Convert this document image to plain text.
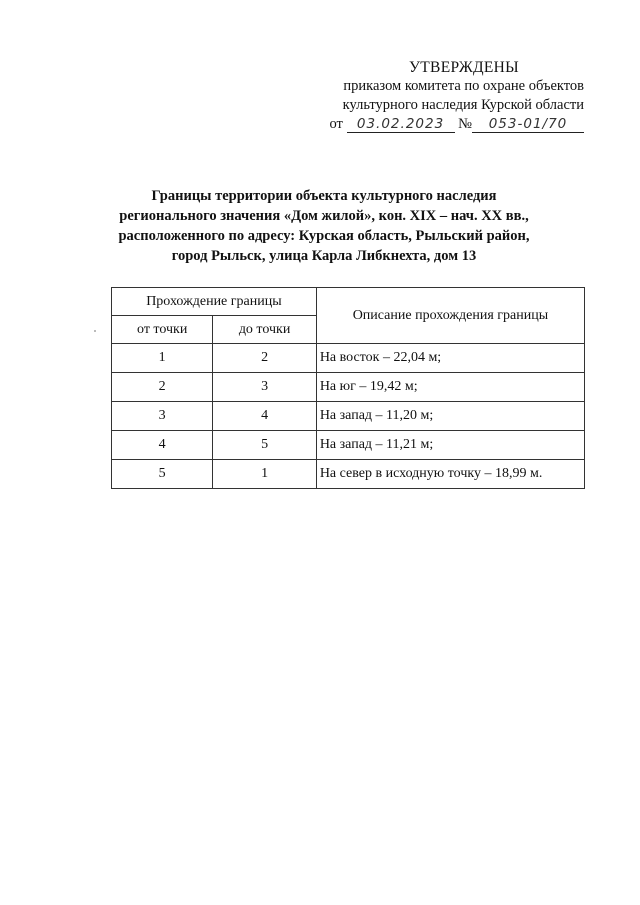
УТВЕРЖДЕНЫ
приказом комитета по охране объектов
культурного наследия Курской области
от 03.02.2023 № 053-01/70
Границы территории объекта культурного наследия
регионального значения «Дом жилой», кон. XIX – нач. XX вв.,
расположенного по адресу: Курская область, Рыльский район,
город Рыльск, улица Карла Либкнехта, дом 13
Прохождение границы		Описание прохождения границы
от точки	до точки	
1	2	На восток – 22,04 м;
2	3	На юг – 19,42 м;
3	4	На запад – 11,20 м;
4	5	На запад – 11,21 м;
5	1	На север в исходную точку – 18,99 м.
